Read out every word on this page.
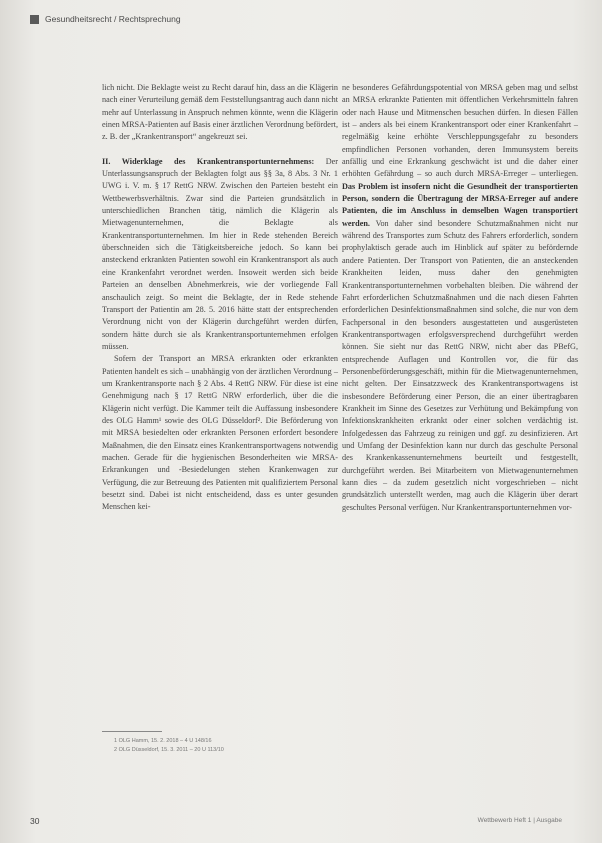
Gesundheitsrecht / Rechtsprechung

lich nicht. Die Beklagte weist zu Recht darauf hin, dass an die Klägerin nach einer Verurteilung gemäß dem Feststellungsantrag auch dann nicht mehr auf Unterlassung in Anspruch nehmen könnte, wenn die Klägerin einen MRSA-Patienten auf Basis einer ärztlichen Verordnung befördert, z. B. der „Krankentransport“ angekreuzt sei.

II. Widerklage des Krankentransportunternehmens: Der Unterlassungsanspruch der Beklagten folgt aus §§ 3a, 8 Abs. 3 Nr. 1 UWG i. V. m. § 17 RettG NRW. Zwischen den Parteien besteht ein Wettbewerbsverhältnis. Zwar sind die Parteien grundsätzlich in unterschiedlichen Branchen tätig, nämlich die Klägerin als Mietwagenunternehmen, die Beklagte als Krankentransportunternehmen. Im hier in Rede stehenden Bereich überschneiden sich die Tätigkeitsbereiche jedoch. So kann bei ansteckend erkrankten Patienten sowohl ein Krankentransport als auch eine Krankenfahrt verordnet werden. Insoweit werden sich beide Parteien an denselben Abnehmerkreis, wie der vorliegende Fall anschaulich zeigt. So meint die Beklagte, der in Rede stehende Transport der Patientin am 28. 5. 2016 hätte statt der entsprechenden Verordnung nicht von der Klägerin durchgeführt werden dürfen, sondern hätte durch sie als Krankentransportunternehmen erfolgen müssen.

Sofern der Transport an MRSA erkrankten oder erkrankten Patienten handelt es sich – unabhängig von der ärztlichen Verordnung – um Krankentransporte nach § 2 Abs. 4 RettG NRW. Für diese ist eine Genehmigung nach § 17 RettG NRW erforderlich, über die die Klägerin nicht verfügt. Die Kammer teilt die Auffassung insbesondere des OLG Hamm¹ sowie des OLG Düsseldorf². Die Beförderung von mit MRSA besiedelten oder erkrankten Personen erfordert besondere Maßnahmen, die den Einsatz eines Krankentransportwagens notwendig machen. Gerade für die hygienischen Besonderheiten wie MRSA-Erkrankungen und -Besiedelungen stehen Krankenwagen zur Verfügung, die zur Betreuung des Patienten mit qualifiziertem Personal besetzt sind. Dabei ist nicht entscheidend, dass es unter gesunden Menschen kei-

ne besonderes Gefährdungspotential von MRSA geben mag und selbst an MRSA erkrankte Patienten mit öffentlichen Verkehrsmitteln fahren oder nach Hause und Mitmenschen besuchen dürfen. In diesen Fällen ist – anders als bei einem Krankentransport oder einer Krankenfahrt – regelmäßig keine erhöhte Verschleppungsgefahr zu besonders empfindlichen Personen vorhanden, deren Immunsystem bereits anfällig und eine Erkrankung geschwächt ist und die daher einer erhöhten Gefährdung – so auch durch MRSA-Erreger – unterliegen. Das Problem ist insofern nicht die Gesundheit der transportierten Person, sondern die Übertragung der MRSA-Erreger auf andere Patienten, die im Anschluss in demselben Wagen transportiert werden. Von daher sind besondere Schutzmaßnahmen nicht nur während des Transportes zum Schutz des Fahrers erforderlich, sondern prophylaktisch gerade auch im Hinblick auf später zu befördernde andere Patienten. Der Transport von Patienten, die an ansteckenden Krankheiten leiden, muss daher den genehmigten Krankentransportunternehmen vorbehalten bleiben. Die während der Fahrt erforderlichen Schutzmaßnahmen und die nach diesen Fahrten erforderlichen Desinfektionsmaßnahmen sind solche, die nur von dem Fachpersonal in den besonders ausgestatteten und ausgerüsteten Krankentransportwagen erfolgsversprechend durchgeführt werden können. Sie sieht nur das RettG NRW, nicht aber das PBefG, entsprechende Auflagen und Kontrollen vor, die für das Personenbeförderungsgeschäft, mithin für die Mietwagenunternehmen, nicht gelten. Der Einsatzzweck des Krankentransportwagens ist insbesondere Beförderung einer Person, die an einer übertragbaren Krankheit im Sinne des Gesetzes zur Verhütung und Bekämpfung von Infektionskrankheiten erkrankt oder einer solchen verdächtig ist. Infolgedessen das Fahrzeug zu reinigen und ggf. zu desinfizieren. Art und Umfang der Desinfektion kann nur durch das geschulte Personal des Krankenkassenunternehmens beurteilt und festgestellt, durchgeführt werden. Bei Mitarbeitern von Mietwagenunternehmen kann dies – da zudem gesetzlich nicht vorgeschrieben – nicht grundsätzlich unterstellt werden, mag auch die Klägerin über derart geschultes Personal verfügen. Nur Krankentransportunternehmen vor-

1 OLG Hamm, 15. 2. 2018 – 4 U 148/16
2 OLG Düsseldorf, 15. 3. 2011 – 20 U 113/10
30	Wettbewerb Heft 1 | Ausgabe
